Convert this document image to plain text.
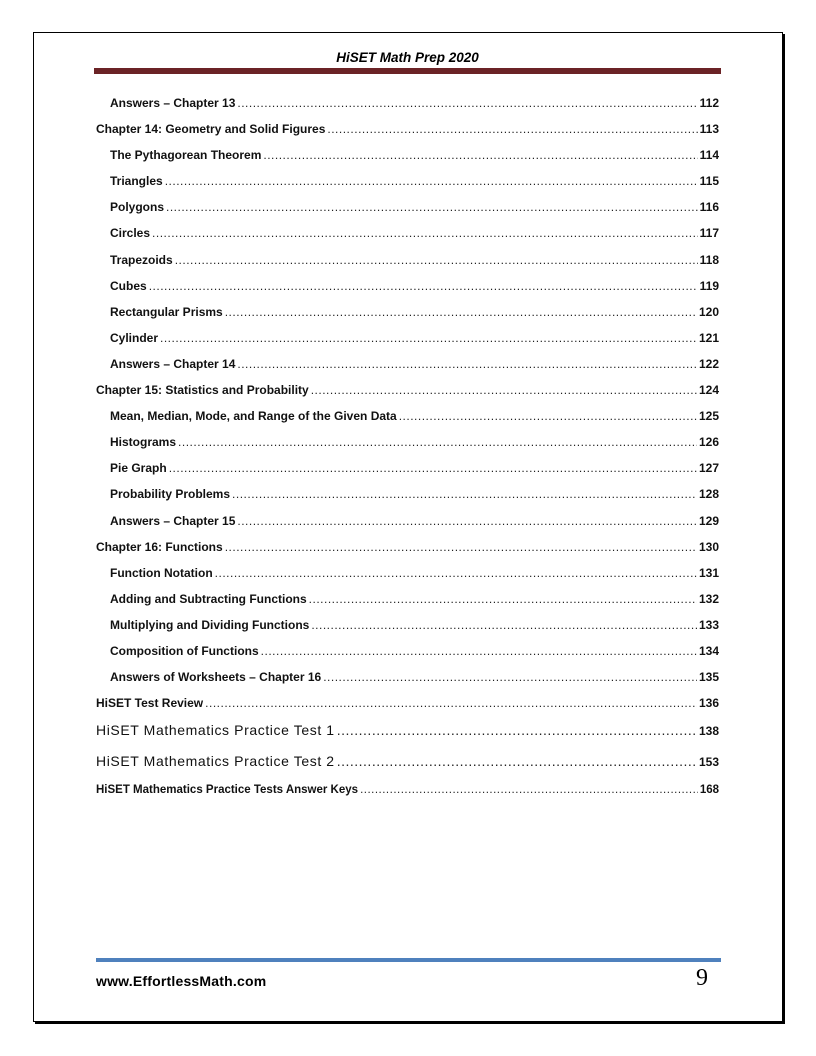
HiSET Math Prep 2020
Answers – Chapter 13 .....	112
Chapter 14: Geometry and Solid Figures .....	113
The Pythagorean Theorem .....	114
Triangles .....	115
Polygons .....	116
Circles .....	117
Trapezoids .....	118
Cubes .....	119
Rectangular Prisms .....	120
Cylinder .....	121
Answers – Chapter 14 .....	122
Chapter 15: Statistics and Probability .....	124
Mean, Median, Mode, and Range of the Given Data .....	125
Histograms .....	126
Pie Graph .....	127
Probability Problems .....	128
Answers – Chapter 15 .....	129
Chapter 16: Functions .....	130
Function Notation .....	131
Adding and Subtracting Functions .....	132
Multiplying and Dividing Functions .....	133
Composition of Functions .....	134
Answers of Worksheets – Chapter 16 .....	135
HiSET Test Review .....	136
HiSET Mathematics Practice Test 1 .....	138
HiSET Mathematics Practice Test 2 .....	153
HiSET Mathematics Practice Tests Answer Keys .....	168
www.EffortlessMath.com	9
